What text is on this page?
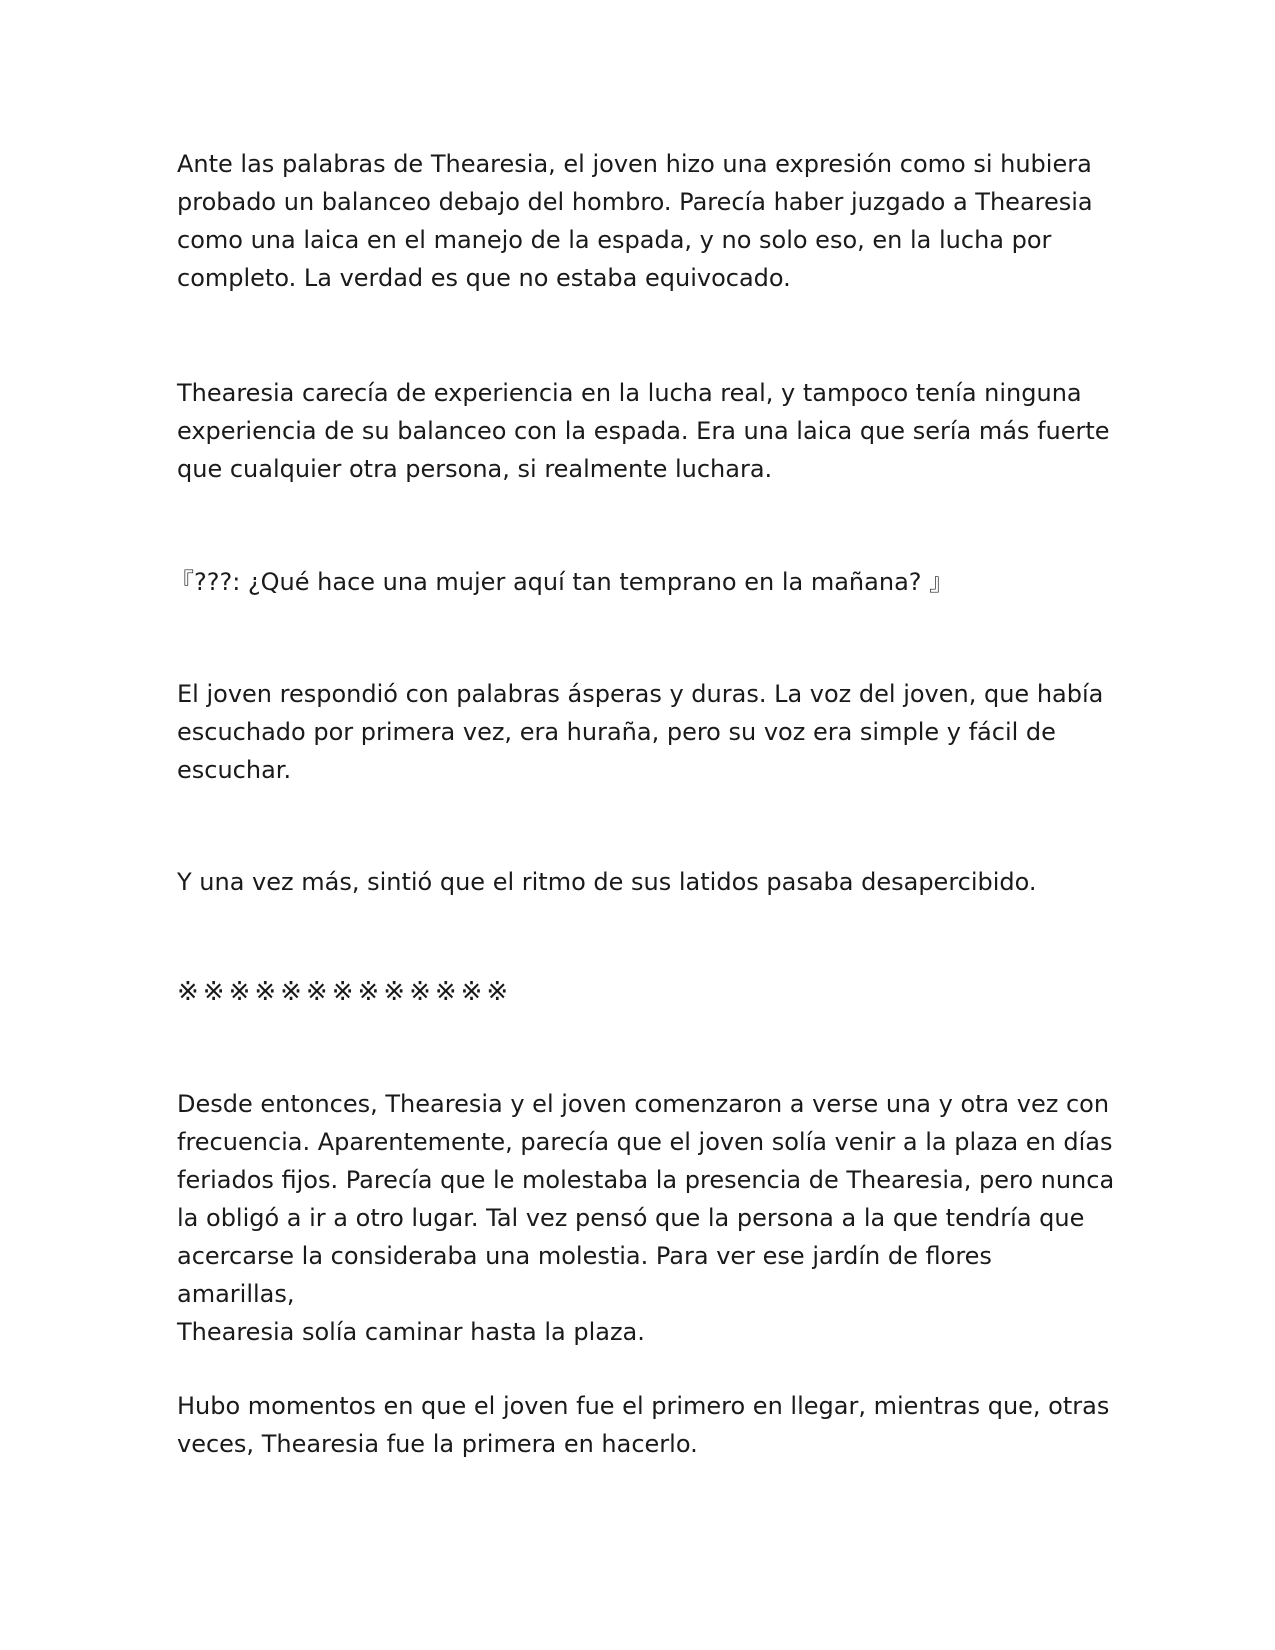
Ante las palabras de Thearesia, el joven hizo una expresión como si hubiera
probado un balanceo debajo del hombro. Parecía haber juzgado a Thearesia
como una laica en el manejo de la espada, y no solo eso, en la lucha por
completo. La verdad es que no estaba equivocado.

Thearesia carecía de experiencia en la lucha real, y tampoco tenía ninguna
experiencia de su balanceo con la espada. Era una laica que sería más fuerte
que cualquier otra persona, si realmente luchara.

『???: ¿Qué hace una mujer aquí tan temprano en la mañana? 』

El joven respondió con palabras ásperas y duras. La voz del joven, que había
escuchado por primera vez, era huraña, pero su voz era simple y fácil de
escuchar.

Y una vez más, sintió que el ritmo de sus latidos pasaba desapercibido.

※※※※※※※※※※※※※

Desde entonces, Thearesia y el joven comenzaron a verse una y otra vez con
frecuencia. Aparentemente, parecía que el joven solía venir a la plaza en días
feriados fijos. Parecía que le molestaba la presencia de Thearesia, pero nunca
la obligó a ir a otro lugar. Tal vez pensó que la persona a la que tendría que
acercarse la consideraba una molestia. Para ver ese jardín de flores amarillas,
Thearesia solía caminar hasta la plaza.

Hubo momentos en que el joven fue el primero en llegar, mientras que, otras
veces, Thearesia fue la primera en hacerlo.
